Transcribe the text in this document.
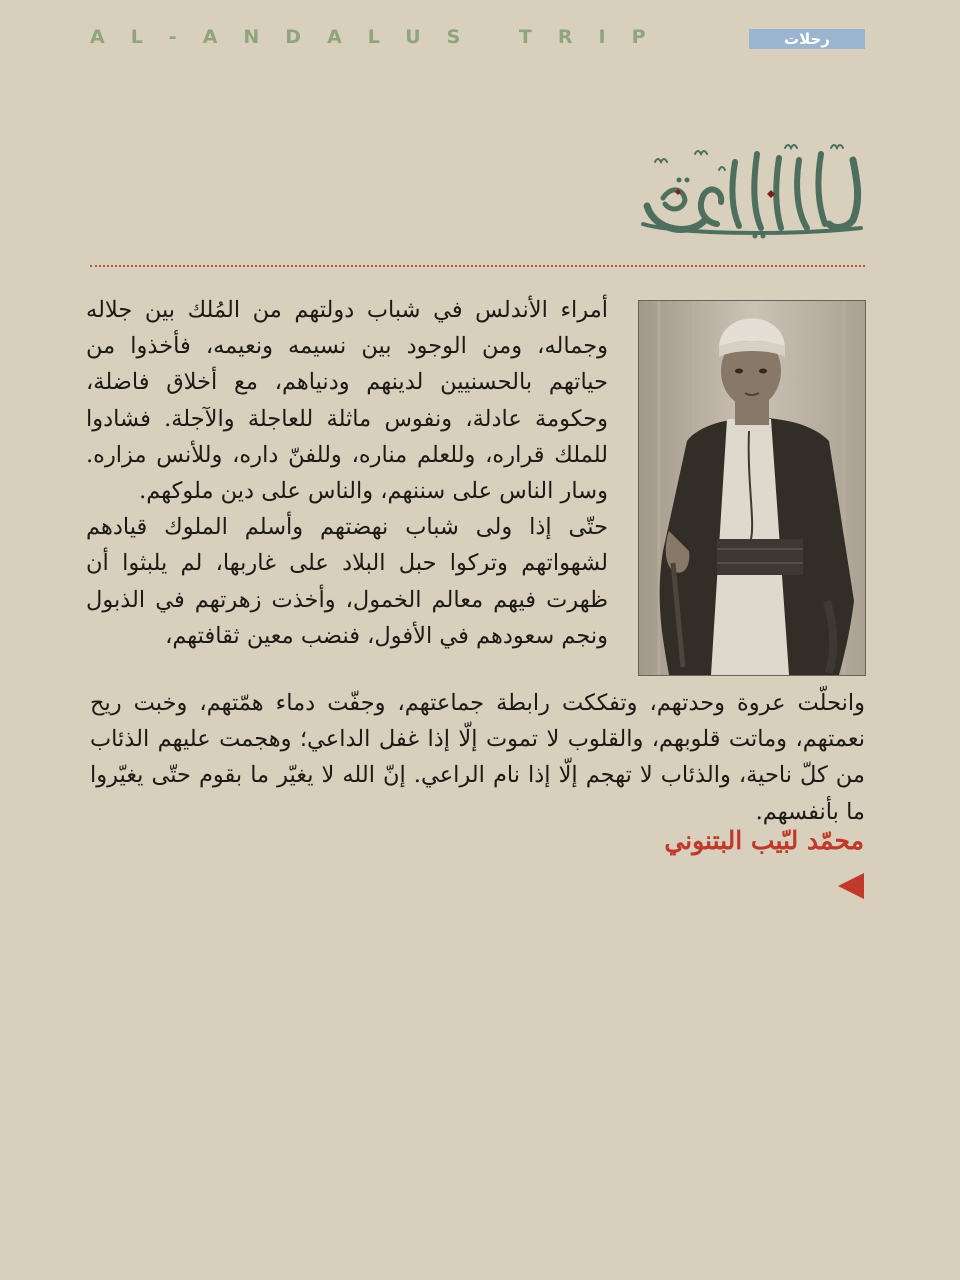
AL-ANDALUS TRIP	رحلات

أمراء الأندلس في شباب دولتهم من المُلك بين جلاله وجماله، ومن الوجود بين نسيمه ونعيمه، فأخذوا من حياتهم بالحسنيين لدينهم ودنياهم، مع أخلاق فاضلة، وحكومة عادلة، ونفوس ماثلة للعاجلة والآجلة. فشادوا للملك قراره، وللعلم مناره، وللفنّ داره، وللأنس مزاره. وسار الناس على سننهم، والناس على دين ملوكهم.

حتّى إذا ولى شباب نهضتهم وأسلم الملوك قيادهم لشهواتهم وتركوا حبل البلاد على غاربها، لم يلبثوا أن ظهرت فيهم معالم الخمول، وأخذت زهرتهم في الذبول ونجم سعودهم في الأفول، فنضب معين ثقافتهم،

وانحلّت عروة وحدتهم، وتفككت رابطة جماعتهم، وجفّت دماء همّتهم، وخبت ريح نعمتهم، وماتت قلوبهم، والقلوب لا تموت إلّا إذا غفل الداعي؛ وهجمت عليهم الذئاب من كلّ ناحية، والذئاب لا تهجم إلّا إذا نام الراعي. إنّ الله لا يغيّر ما بقوم حتّى يغيّروا ما بأنفسهم.

محمّد لبّيب البتنوني
